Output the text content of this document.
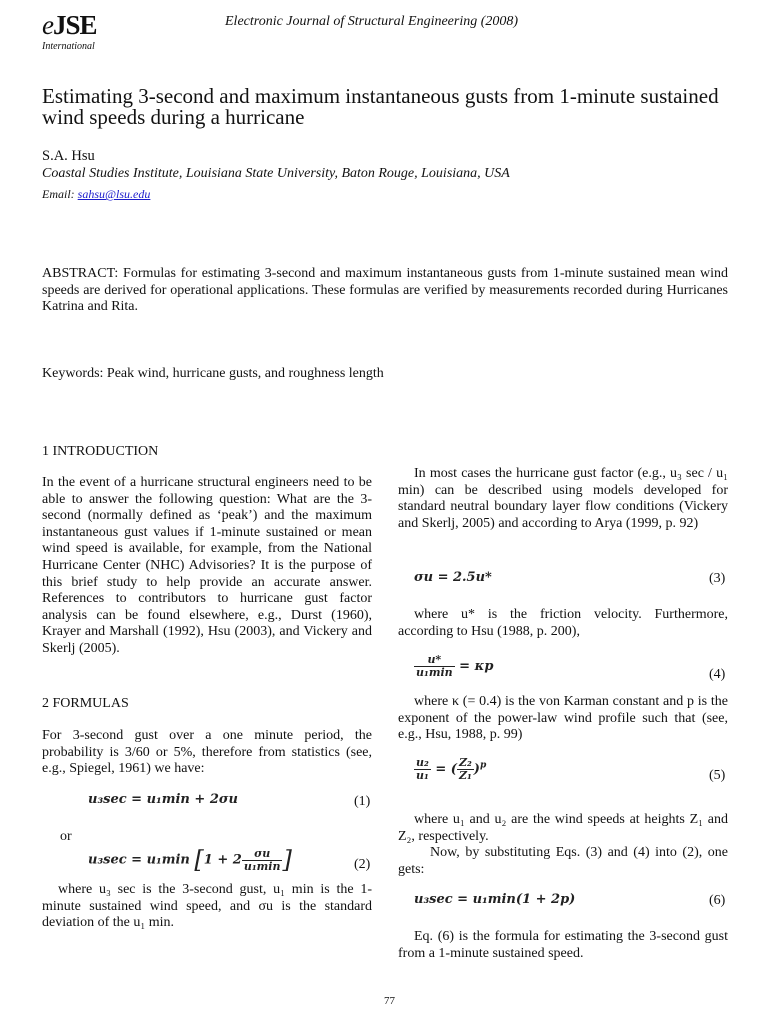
eJSE
International
Electronic Journal of Structural Engineering (2008)
Estimating 3-second and maximum instantaneous gusts from 1-minute sustained wind speeds during a hurricane
S.A. Hsu
Coastal Studies Institute, Louisiana State University, Baton Rouge, Louisiana, USA
Email: sahsu@lsu.edu
ABSTRACT: Formulas for estimating 3-second and maximum instantaneous gusts from 1-minute sustained mean wind speeds are derived for operational applications. These formulas are verified by measurements recorded during Hurricanes Katrina and Rita.
Keywords: Peak wind, hurricane gusts, and roughness length
1 INTRODUCTION
In the event of a hurricane structural engineers need to be able to answer the following question: What are the 3-second (normally defined as ‘peak’) and the maximum instantaneous gust values if 1-minute sustained or mean wind speed is available, for example, from the National Hurricane Center (NHC) Advisories? It is the purpose of this brief study to help provide an accurate answer. References to contributors to hurricane gust factor analysis can be found elsewhere, e.g., Durst (1960), Krayer and Marshall (1992), Hsu (2003), and Vickery and Skerlj (2005).
2 FORMULAS
For 3-second gust over a one minute period, the probability is 3/60 or 5%, therefore from statistics (see, e.g., Spiegel, 1961) we have:
u₃sec = u₁min + 2σu	(1)
or
u₃sec = u₁min [$1 + 2 \frac{\sigma u}{\text{u₁min}}$ ]	(2)
where u₃ sec is the 3-second gust, u₁ min is the 1-minute sustained wind speed, and σu is the standard deviation of the u₁ min.
In most cases the hurricane gust factor (e.g., u₃ sec / u₁ min) can be described using models developed for standard neutral boundary layer flow conditions (Vickery and Skerlj, 2005) and according to Arya (1999, p. 92)
σu = 2.5u*	(3)
where u* is the friction velocity. Furthermore, according to Hsu (1988, p. 200),
$\frac{u*}{\text{u₁min}} = \kappa p$
(4)
where κ (= 0.4) is the von Karman constant and p is the exponent of the power-law wind profile such that (see, e.g., Hsu, 1988, p. 99)
$\frac{\text{u₂}}{\text{u₁}}$ = ( $\frac{\text{Z₂}}{\text{Z₁}} )^p$
(5)
where u₁ and u₂ are the wind speeds at heights Z₁ and Z₂, respectively.
Now, by substituting Eqs. (3) and (4) into (2), one gets:
u₃sec = u₁min(1 + 2p)	(6)
Eq. (6) is the formula for estimating the 3-second gust from a 1-minute sustained speed.
77
